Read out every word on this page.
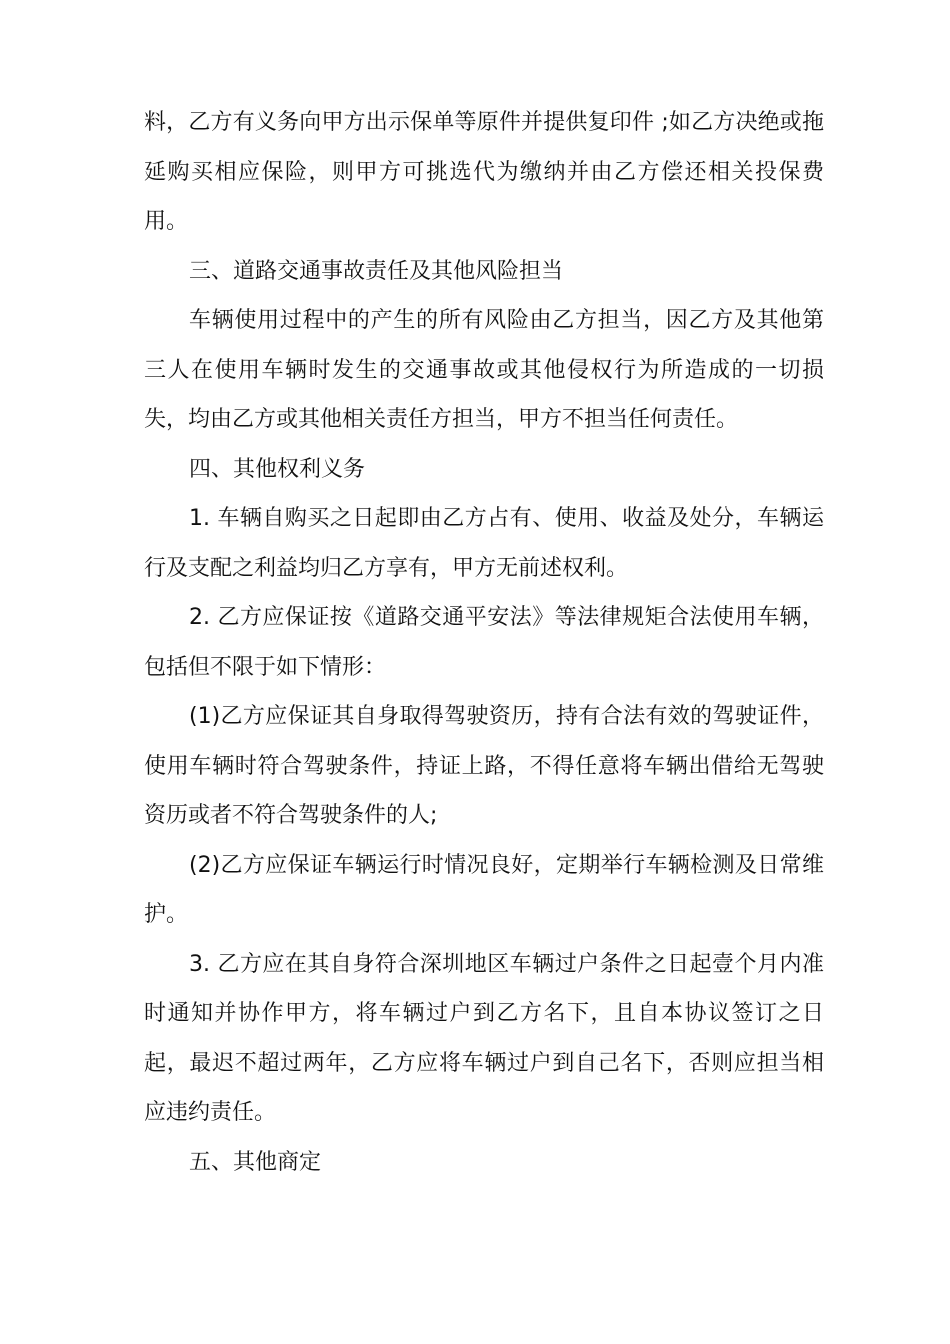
料，乙方有义务向甲方出示保单等原件并提供复印件 ;如乙方决绝或拖延购买相应保险，则甲方可挑选代为缴纳并由乙方偿还相关投保费用。

三、道路交通事故责任及其他风险担当

车辆使用过程中的产生的所有风险由乙方担当，因乙方及其他第三人在使用车辆时发生的交通事故或其他侵权行为所造成的一切损失，均由乙方或其他相关责任方担当，甲方不担当任何责任。

四、其他权利义务

1. 车辆自购买之日起即由乙方占有、使用、收益及处分，车辆运行及支配之利益均归乙方享有，甲方无前述权利。

2. 乙方应保证按《道路交通平安法》等法律规矩合法使用车辆，包括但不限于如下情形：

(1)乙方应保证其自身取得驾驶资历，持有合法有效的驾驶证件，使用车辆时符合驾驶条件，持证上路，不得任意将车辆出借给无驾驶资历或者不符合驾驶条件的人;

(2)乙方应保证车辆运行时情况良好，定期举行车辆检测及日常维护。

3. 乙方应在其自身符合深圳地区车辆过户条件之日起壹个月内准时通知并协作甲方，将车辆过户到乙方名下，且自本协议签订之日起，最迟不超过两年，乙方应将车辆过户到自己名下，否则应担当相应违约责任。

五、其他商定
